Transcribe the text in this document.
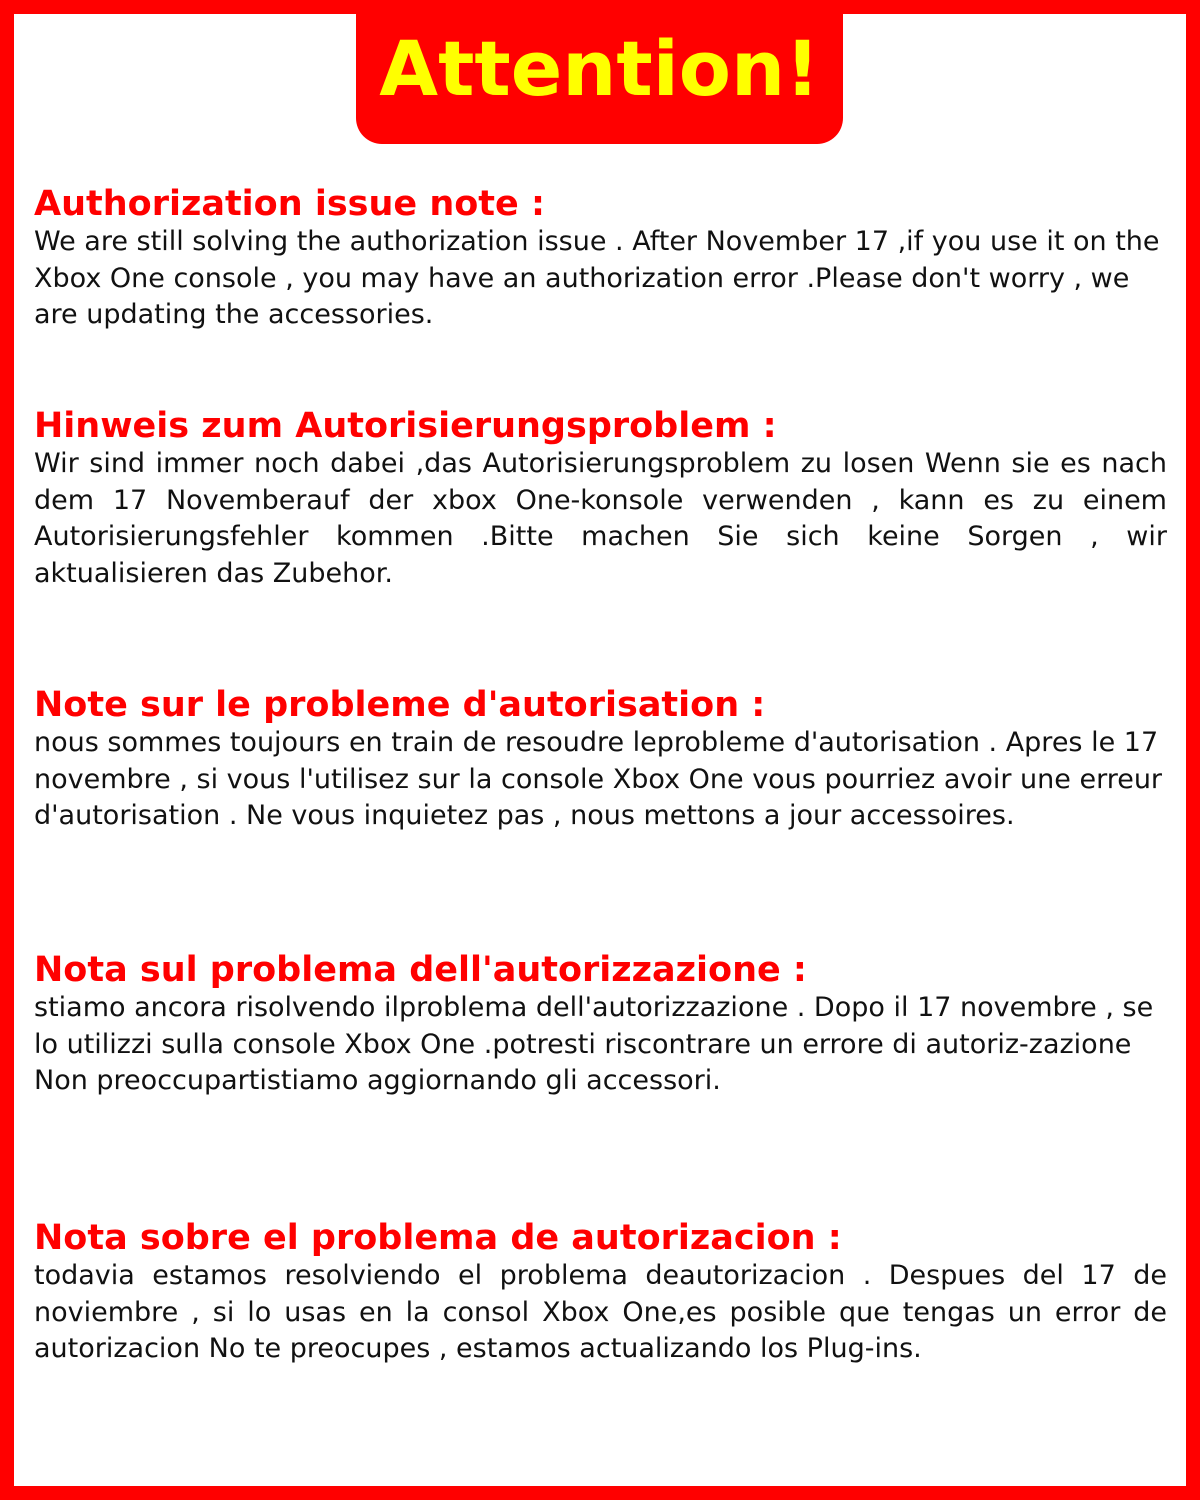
Attention!

Authorization issue note :

We are still solving the authorization issue . After November 17 ,if you use it on the Xbox One console , you may have an authorization error .Please don't worry , we are updating the accessories.

Hinweis zum Autorisierungsproblem :

Wir sind immer noch dabei ,das Autorisierungsproblem zu losen Wenn sie es nach dem 17 Novemberauf der xbox One-konsole verwenden , kann es zu einem Autorisierungsfehler kommen .Bitte machen Sie sich keine Sorgen , wir aktualisieren das Zubehor.

Note sur le probleme d'autorisation :

nous sommes toujours en train de resoudre leprobleme d'autorisation . Apres le 17 novembre , si vous l'utilisez sur la console Xbox One vous pourriez avoir une erreur d'autorisation . Ne vous inquietez pas , nous mettons a jour accessoires.

Nota sul problema dell'autorizzazione :

stiamo ancora risolvendo ilproblema dell'autorizzazione . Dopo il 17 novembre , se lo utilizzi sulla console Xbox One .potresti riscontrare un errore di autoriz-zazione Non preoccupartistiamo aggiornando gli accessori.

Nota sobre el problema de autorizacion :

todavia estamos resolviendo el problema deautorizacion . Despues del 17 de noviembre , si lo usas en la consol Xbox One,es posible que tengas un error de autorizacion No te preocupes , estamos actualizando los Plug-ins.
